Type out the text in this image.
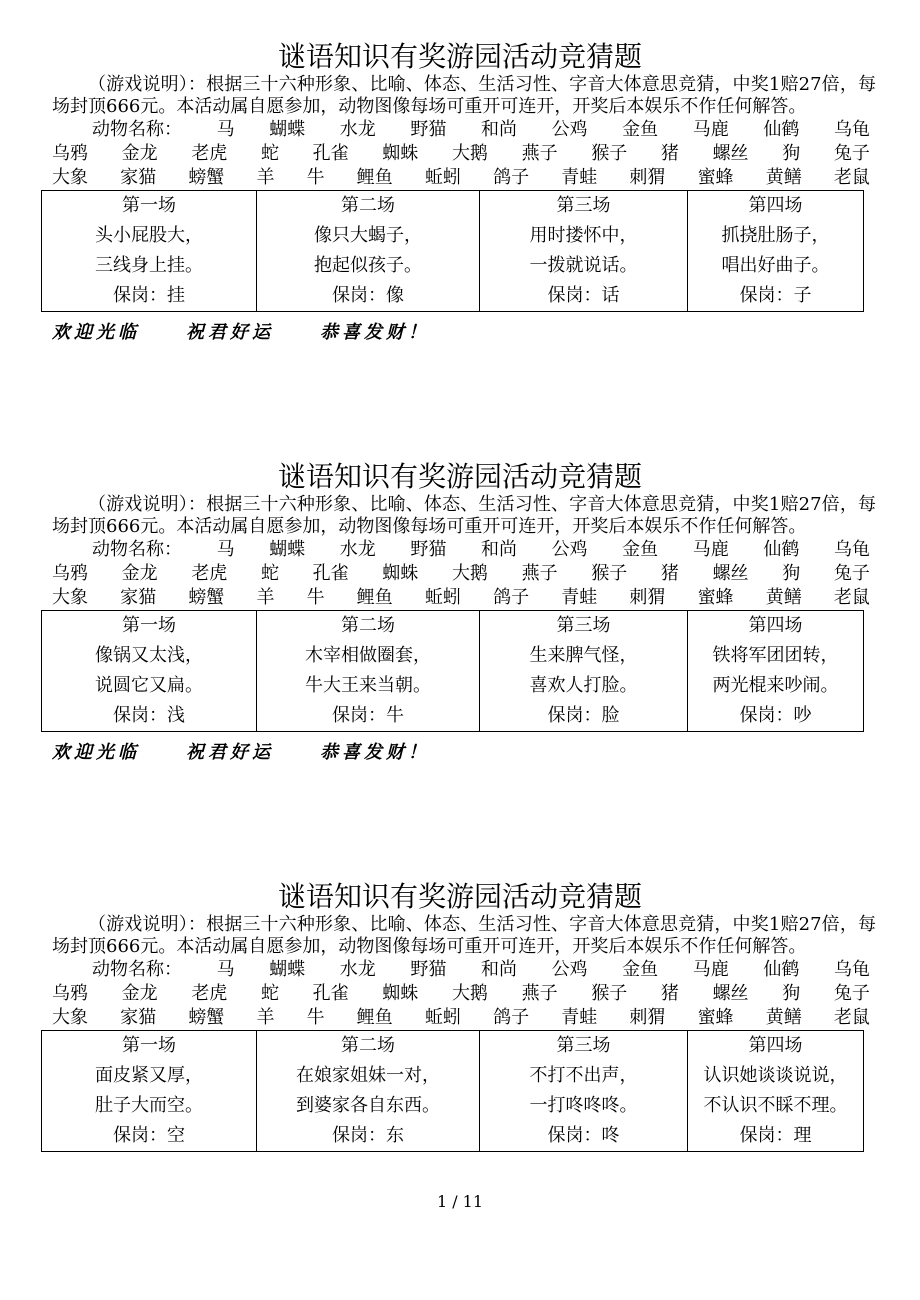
谜语知识有奖游园活动竞猜题
（游戏说明）：根据三十六种形象、比喻、体态、生活习性、字音大体意思竞猜，中奖1赔27倍，每场封顶666元。本活动属自愿参加，动物图像每场可重开可连开，开奖后本娱乐不作任何解答。
动物名称： 马 蝴蝶 水龙 野猫 和尚 公鸡 金鱼 马鹿 仙鹤 乌龟
乌鸦 金龙 老虎 蛇 孔雀 蜘蛛 大鹅 燕子 猴子 猪 螺丝 狗 兔子
大象 家猫 螃蟹 羊 牛 鲤鱼 蚯蚓 鸽子 青蛙 刺猬 蜜蜂 黄鳝 老鼠
第一场
头小屁股大，
三线身上挂。
保岗：挂

第二场
像只大蝎子，
抱起似孩子。
保岗：像

第三场
用时搂怀中，
一拨就说话。
保岗：话

第四场
抓挠肚肠子，
唱出好曲子。
保岗：子
欢迎光临	祝君好运	恭喜发财！
谜语知识有奖游园活动竞猜题
（游戏说明）：根据三十六种形象、比喻、体态、生活习性、字音大体意思竞猜，中奖1赔27倍，每场封顶666元。本活动属自愿参加，动物图像每场可重开可连开，开奖后本娱乐不作任何解答。
动物名称： 马 蝴蝶 水龙 野猫 和尚 公鸡 金鱼 马鹿 仙鹤 乌龟
乌鸦 金龙 老虎 蛇 孔雀 蜘蛛 大鹅 燕子 猴子 猪 螺丝 狗 兔子
大象 家猫 螃蟹 羊 牛 鲤鱼 蚯蚓 鸽子 青蛙 刺猬 蜜蜂 黄鳝 老鼠
第一场
像锅又太浅，
说圆它又扁。
保岗：浅

第二场
木宰相做圈套，
牛大王来当朝。
保岗：牛

第三场
生来脾气怪，
喜欢人打脸。
保岗：脸

第四场
铁将军团团转，
两光棍来吵闹。
保岗：吵
欢迎光临	祝君好运	恭喜发财！
谜语知识有奖游园活动竞猜题
（游戏说明）：根据三十六种形象、比喻、体态、生活习性、字音大体意思竞猜，中奖1赔27倍，每场封顶666元。本活动属自愿参加，动物图像每场可重开可连开，开奖后本娱乐不作任何解答。
动物名称： 马 蝴蝶 水龙 野猫 和尚 公鸡 金鱼 马鹿 仙鹤 乌龟
乌鸦 金龙 老虎 蛇 孔雀 蜘蛛 大鹅 燕子 猴子 猪 螺丝 狗 兔子
大象 家猫 螃蟹 羊 牛 鲤鱼 蚯蚓 鸽子 青蛙 刺猬 蜜蜂 黄鳝 老鼠
第一场
面皮紧又厚，
肚子大而空。
保岗：空

第二场
在娘家姐妹一对，
到婆家各自东西。
保岗：东

第三场
不打不出声，
一打咚咚咚。
保岗：咚

第四场
认识她谈谈说说，
不认识不睬不理。
保岗：理
1 / 11
